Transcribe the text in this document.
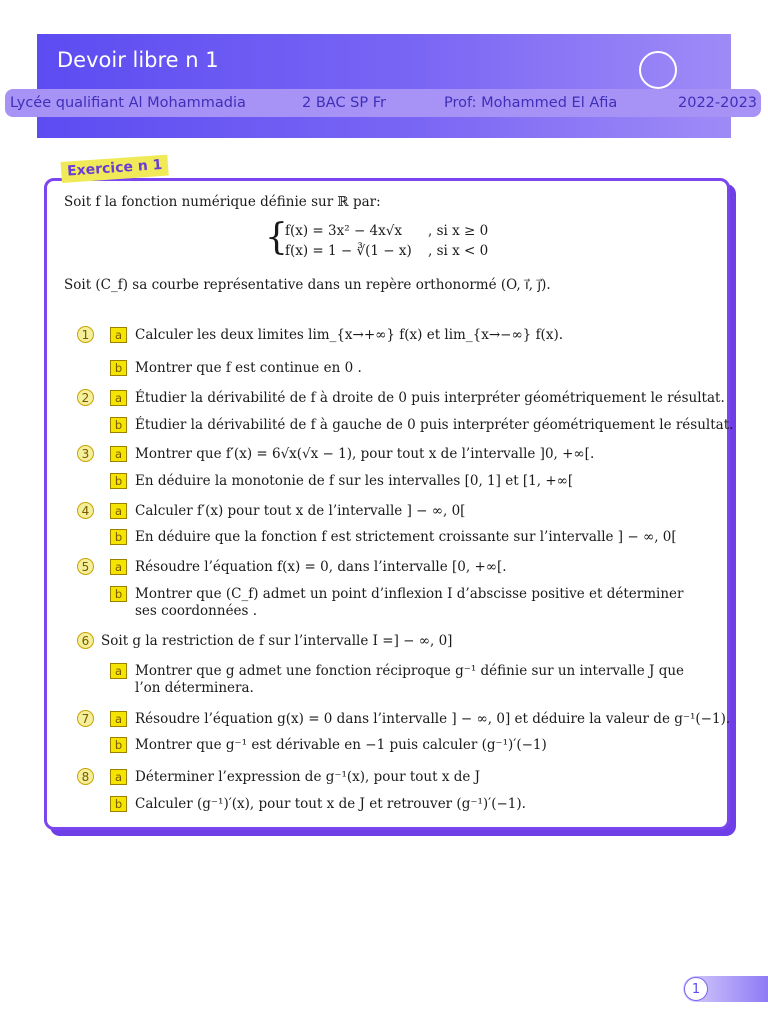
Devoir libre n 1
Lycée qualifiant Al Mohammadia	2 BAC SP Fr	Prof: Mohammed El Afia	2022-2023
Exercice n 1
Soit f la fonction numérique définie sur ℝ par:
{
f(x) = 3x² − 4x√x , si x ≥ 0
f(x) = 1 − ∛(1 − x) , si x < 0
Soit (C_f) sa courbe représentative dans un repère orthonormé (O, i⃗, j⃗).
1	a Calculer les deux limites lim_{x→+∞} f(x) et lim_{x→−∞} f(x).
b Montrer que f est continue en 0 .
2	a Étudier la dérivabilité de f à droite de 0 puis interpréter géométriquement le résultat.
b Étudier la dérivabilité de f à gauche de 0 puis interpréter géométriquement le résultat.
3	a Montrer que f′(x) = 6√x(√x − 1), pour tout x de l’intervalle ]0, +∞[.
b En déduire la monotonie de f sur les intervalles [0, 1] et [1, +∞[
4	a Calculer f′(x) pour tout x de l’intervalle ] − ∞, 0[
b En déduire que la fonction f est strictement croissante sur l’intervalle ] − ∞, 0[
5	a Résoudre l’équation f(x) = 0, dans l’intervalle [0, +∞[.
b Montrer que (C_f) admet un point d’inflexion I d’abscisse positive et déterminer ses coordonnées .
6 Soit g la restriction de f sur l’intervalle I =] − ∞, 0]
a Montrer que g admet une fonction réciproque g⁻¹ définie sur un intervalle J que l’on déterminera.
7	a Résoudre l’équation g(x) = 0 dans l’intervalle ] − ∞, 0] et déduire la valeur de g⁻¹(−1).
b Montrer que g⁻¹ est dérivable en −1 puis calculer (g⁻¹)′(−1)
8	a Déterminer l’expression de g⁻¹(x), pour tout x de J
b Calculer (g⁻¹)′(x), pour tout x de J et retrouver (g⁻¹)′(−1).
1
